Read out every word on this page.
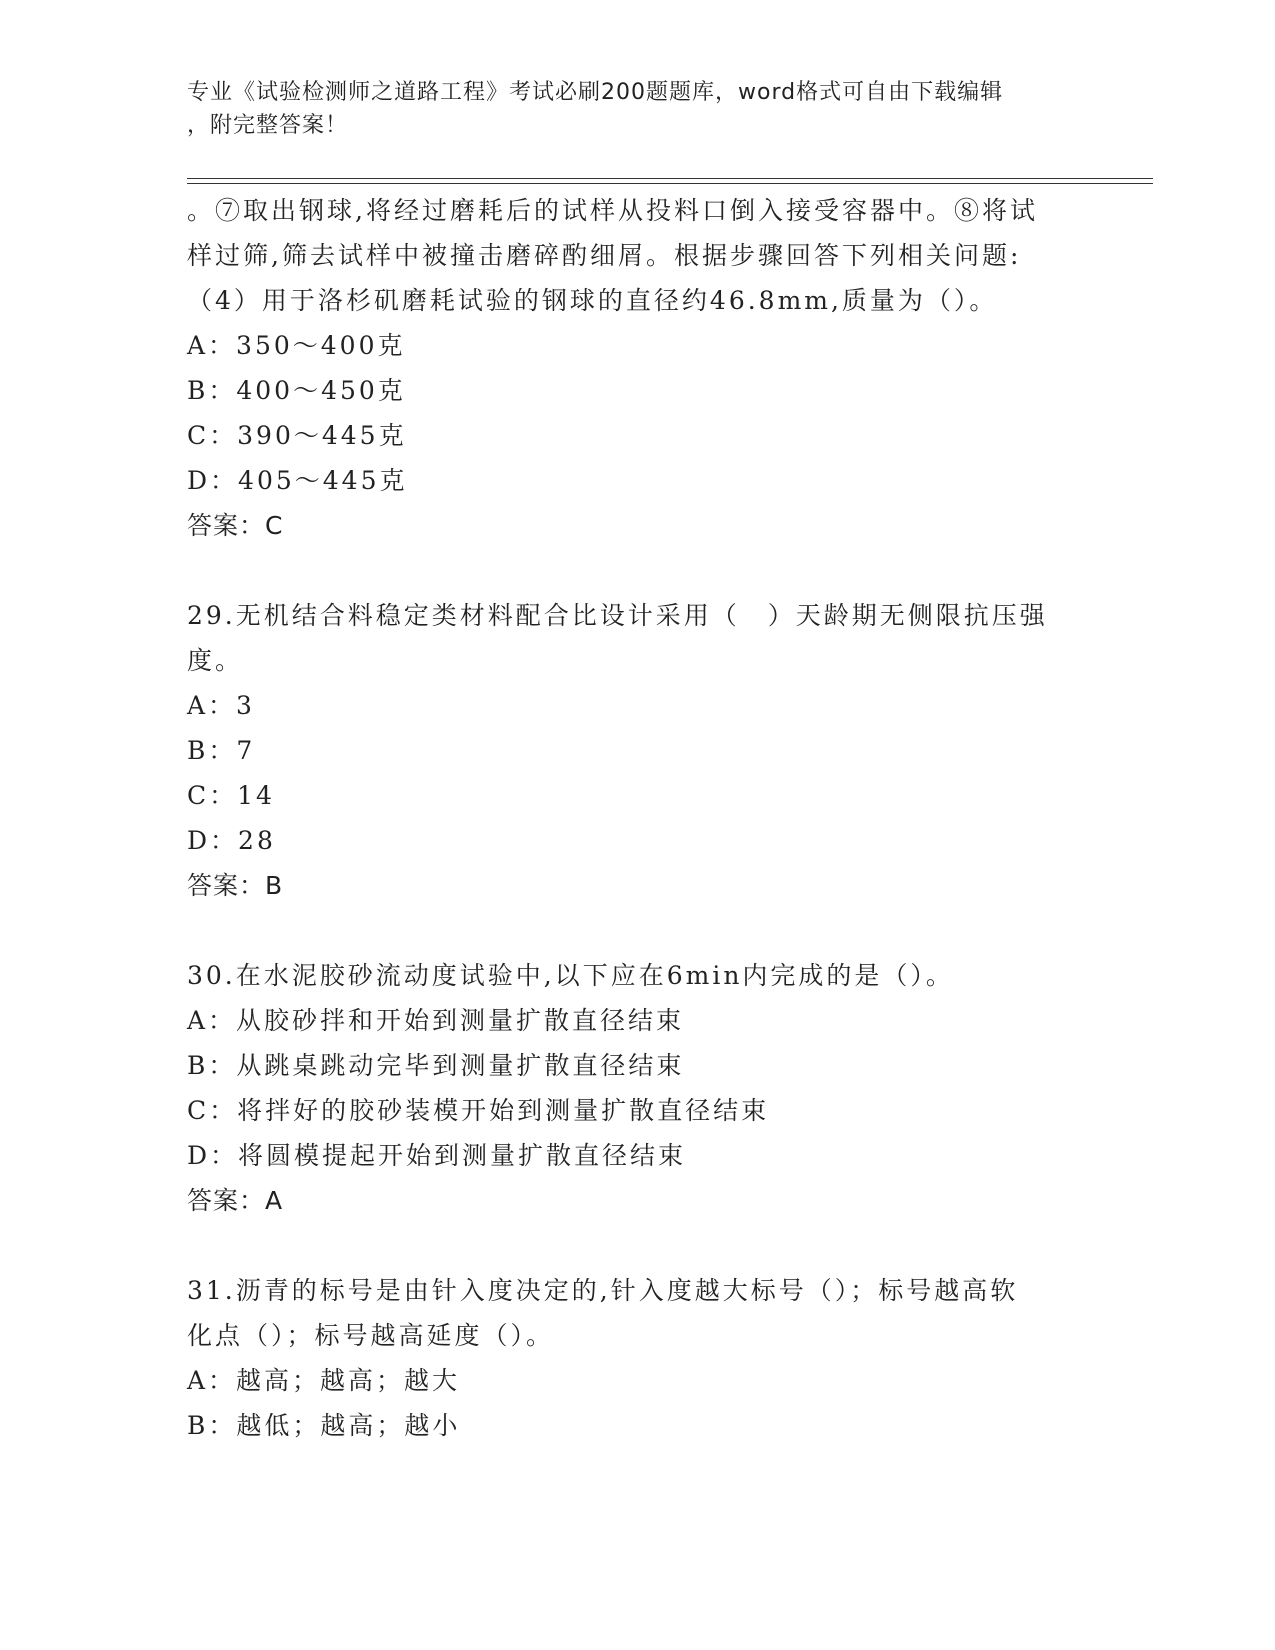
专业《试验检测师之道路工程》考试必刷200题题库，word格式可自由下载编辑
，附完整答案！
。⑦取出钢球,将经过磨耗后的试样从投料口倒入接受容器中。⑧将试
样过筛,筛去试样中被撞击磨碎酌细屑。根据步骤回答下列相关问题:
（4）用于洛杉矶磨耗试验的钢球的直径约46.8mm,质量为（）。
A：350～400克
B：400～450克
C：390～445克
D：405～445克
答案：C
29.无机结合料稳定类材料配合比设计采用（　）天龄期无侧限抗压强
度。
A：3
B：7
C：14
D：28
答案：B
30.在水泥胶砂流动度试验中,以下应在6min内完成的是（）。
A：从胶砂拌和开始到测量扩散直径结束
B：从跳桌跳动完毕到测量扩散直径结束
C：将拌好的胶砂装模开始到测量扩散直径结束
D：将圆模提起开始到测量扩散直径结束
答案：A
31.沥青的标号是由针入度决定的,针入度越大标号（）；标号越高软
化点（）；标号越高延度（）。
A：越高；越高；越大
B：越低；越高；越小
